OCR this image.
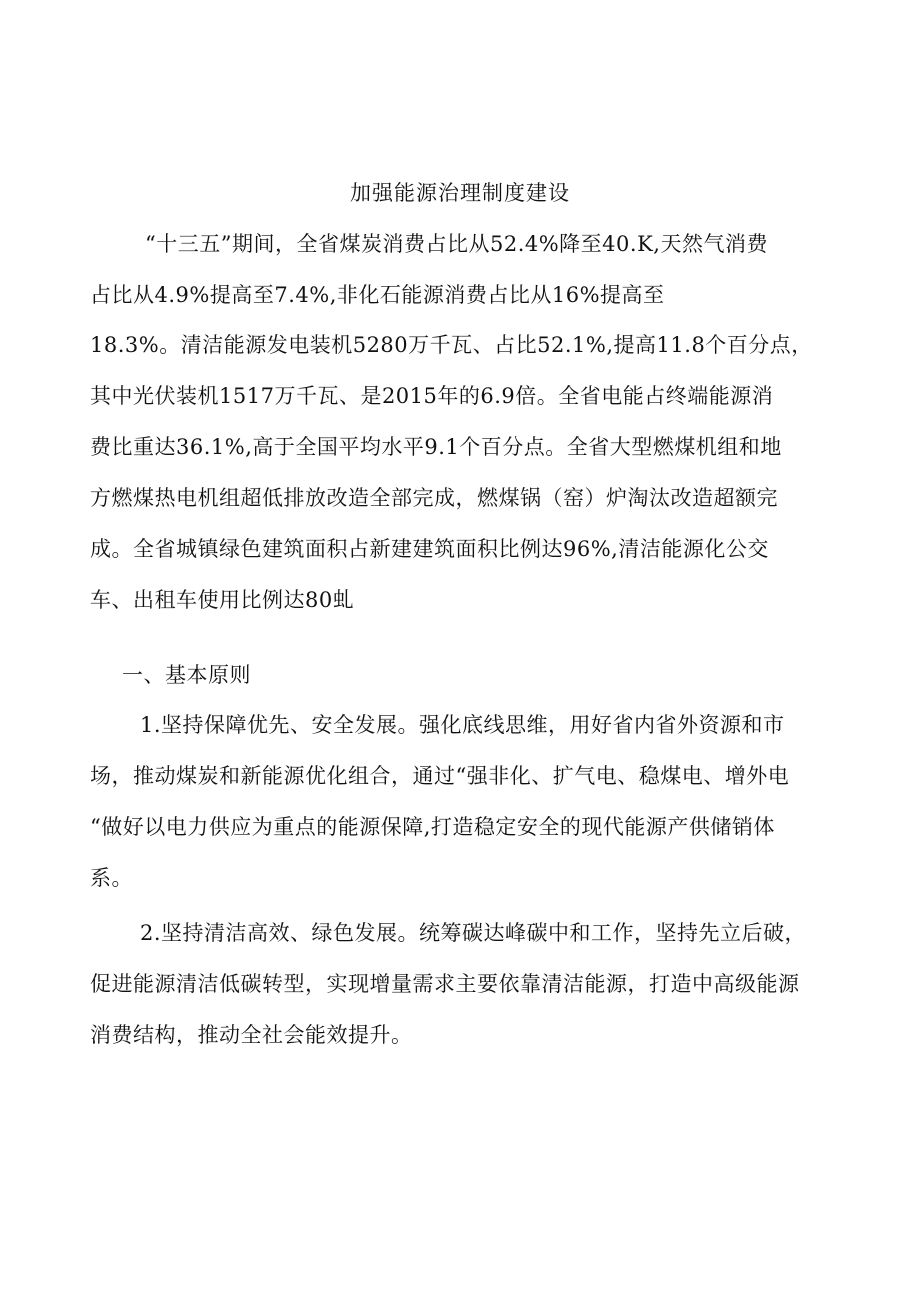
加强能源治理制度建设
“十三五”期间，全省煤炭消费占比从52.4%降至40.K,天然气消费
占比从4.9%提高至7.4%,非化石能源消费占比从16%提高至
18.3%。清洁能源发电装机5280万千瓦、占比52.1%,提高11.8个百分点，
其中光伏装机1517万千瓦、是2015年的6.9倍。全省电能占终端能源消
费比重达36.1%,高于全国平均水平9.1个百分点。全省大型燃煤机组和地
方燃煤热电机组超低排放改造全部完成，燃煤锅（窑）炉淘汰改造超额完
成。全省城镇绿色建筑面积占新建建筑面积比例达96%,清洁能源化公交
车、出租车使用比例达80虬
一、基本原则
1.坚持保障优先、安全发展。强化底线思维，用好省内省外资源和市
场，推动煤炭和新能源优化组合，通过“强非化、扩气电、稳煤电、增外电
“做好以电力供应为重点的能源保障,打造稳定安全的现代能源产供储销体
系。
2.坚持清洁高效、绿色发展。统筹碳达峰碳中和工作，坚持先立后破，
促进能源清洁低碳转型，实现增量需求主要依靠清洁能源，打造中高级能源
消费结构，推动全社会能效提升。
